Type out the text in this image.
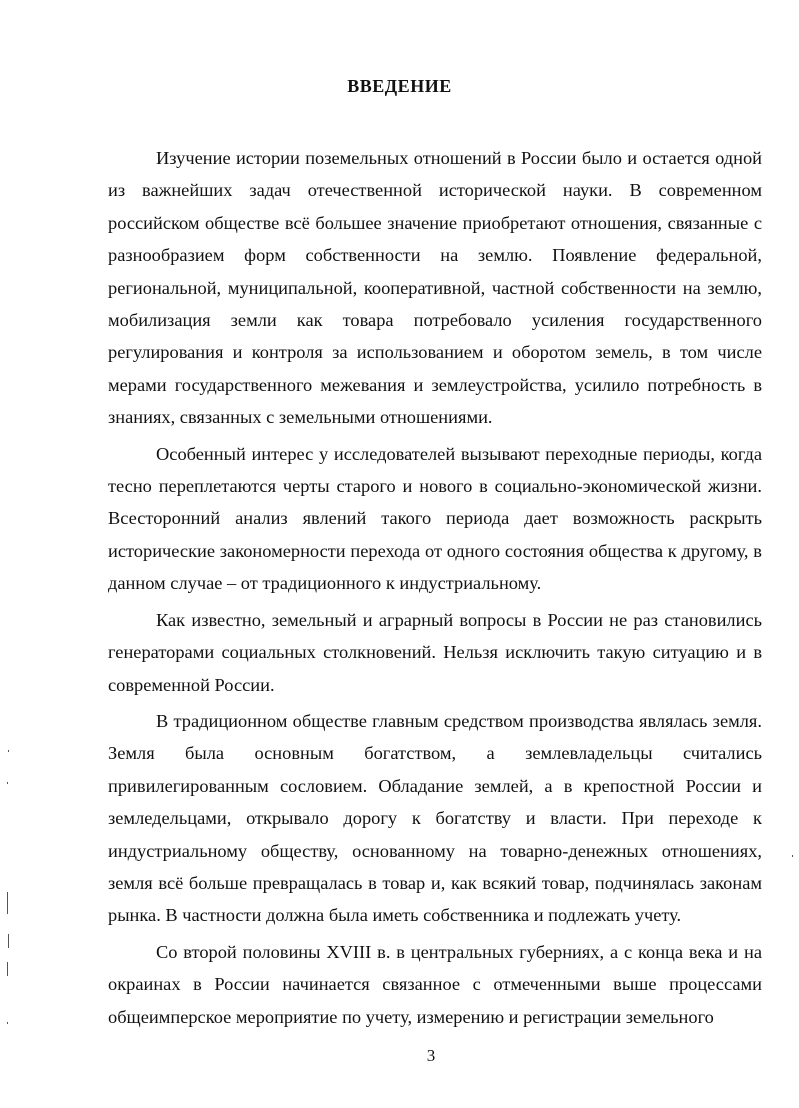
ВВЕДЕНИЕ

Изучение истории поземельных отношений в России было и остается одной из важнейших задач отечественной исторической науки. В современном российском обществе всё большее значение приобретают отношения, связанные с разнообразием форм собственности на землю. Появление федеральной, региональной, муниципальной, кооперативной, частной собственности на землю, мобилизация земли как товара потребовало усиления государственного регулирования и контроля за использованием и оборотом земель, в том числе мерами государственного межевания и землеустройства, усилило потребность в знаниях, связанных с земельными отношениями.

Особенный интерес у исследователей вызывают переходные периоды, когда тесно переплетаются черты старого и нового в социально-экономической жизни. Всесторонний анализ явлений такого периода дает возможность раскрыть исторические закономерности перехода от одного состояния общества к другому, в данном случае – от традиционного к индустриальному.

Как известно, земельный и аграрный вопросы в России не раз становились генераторами социальных столкновений. Нельзя исключить такую ситуацию и в современной России.

В традиционном обществе главным средством производства являлась земля. Земля была основным богатством, а землевладельцы считались привилегированным сословием. Обладание землей, а в крепостной России и земледельцами, открывало дорогу к богатству и власти. При переходе к индустриальному обществу, основанному на товарно-денежных отношениях, земля всё больше превращалась в товар и, как всякий товар, подчинялась законам рынка. В частности должна была иметь собственника и подлежать учету.

Со второй половины XVIII в. в центральных губерниях, а с конца века и на окраинах в России начинается связанное с отмеченными выше процессами общеимперское мероприятие по учету, измерению и регистрации земельного

3
